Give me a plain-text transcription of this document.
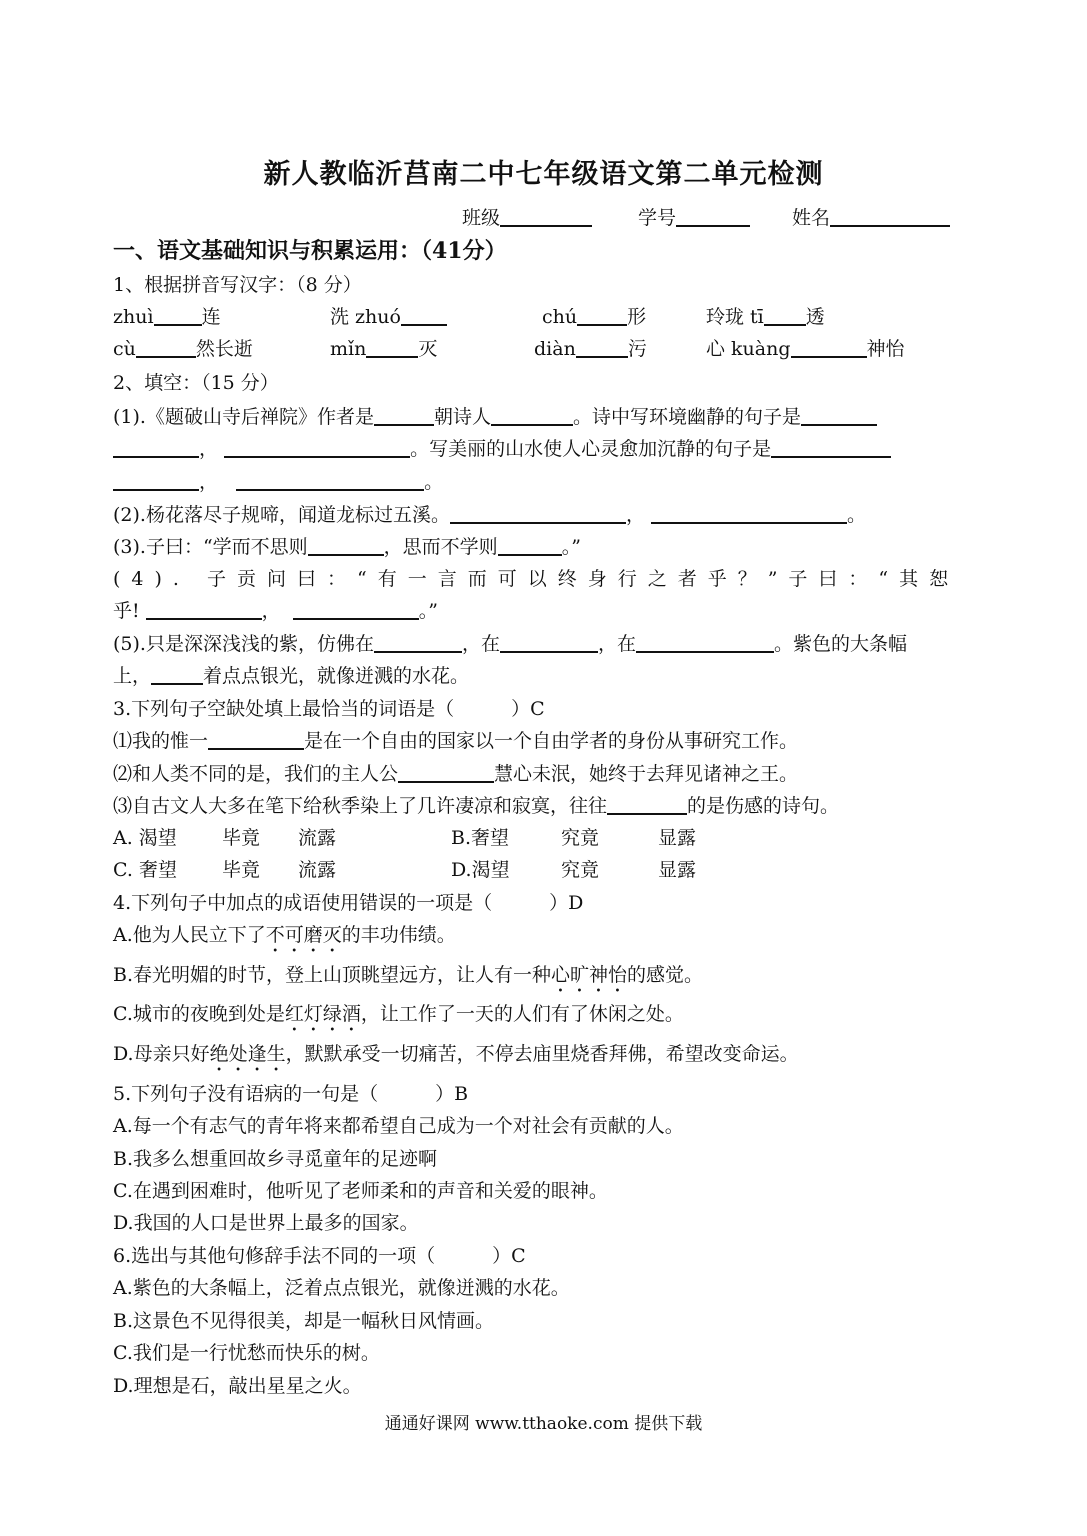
新人教临沂莒南二中七年级语文第二单元检测
班级	学号	姓名
一、语文基础知识与积累运用：（41分）
1、根据拼音写汉字：（8 分）
zhuì	连	洗 zhuó	chú	形	玲珑 tī 透
cù	然长逝	mǐn	灭	diàn	污	心 kuàng	神怡
2、填空：（15 分）
(1).《题破山寺后禅院》作者是	朝诗人	。诗中写环境幽静的句子是
，	。写美丽的山水使人心灵愈加沉静的句子是
，	。
(2).杨花落尽子规啼，闻道龙标过五溪。	，	。
(3).子曰：“学而不思则	，思而不学则	。”
(4). 子贡问曰：“有一言而可以终身行之者乎？”子曰：“其恕
乎!	，	。”
(5).只是深深浅浅的紫，仿佛在	，在	，在	。紫色的大条幅
上，	着点点银光，就像迸溅的水花。
3.下列句子空缺处填上最恰当的词语是（　　　）C
⑴我的惟一	是在一个自由的国家以一个自由学者的身份从事研究工作。
⑵和人类不同的是，我们的主人公	慧心未泯，她终于去拜见诸神之王。
⑶自古文人大多在笔下给秋季染上了几许凄凉和寂寞，往往	的是伤感的诗句。
A. 渴望 毕竟 流露	B.奢望	究竟	显露
C. 奢望 毕竟 流露	D.渴望	究竟	显露
4.下列句子中加点的成语使用错误的一项是（　　　）D
A.他为人民立下了不可磨灭的丰功伟绩。
B.春光明媚的时节，登上山顶眺望远方，让人有一种心旷神怡的感觉。
C.城市的夜晚到处是红灯绿酒，让工作了一天的人们有了休闲之处。
D.母亲只好绝处逢生，默默承受一切痛苦，不停去庙里烧香拜佛，希望改变命运。
5.下列句子没有语病的一句是（　　　）B
A.每一个有志气的青年将来都希望自己成为一个对社会有贡献的人。
B.我多么想重回故乡寻觅童年的足迹啊
C.在遇到困难时，他听见了老师柔和的声音和关爱的眼神。
D.我国的人口是世界上最多的国家。
6.选出与其他句修辞手法不同的一项（　　　）C
A.紫色的大条幅上，泛着点点银光，就像迸溅的水花。
B.这景色不见得很美，却是一幅秋日风情画。
C.我们是一行忧愁而快乐的树。
D.理想是石，敲出星星之火。
通通好课网 www.tthaoke.com 提供下载
